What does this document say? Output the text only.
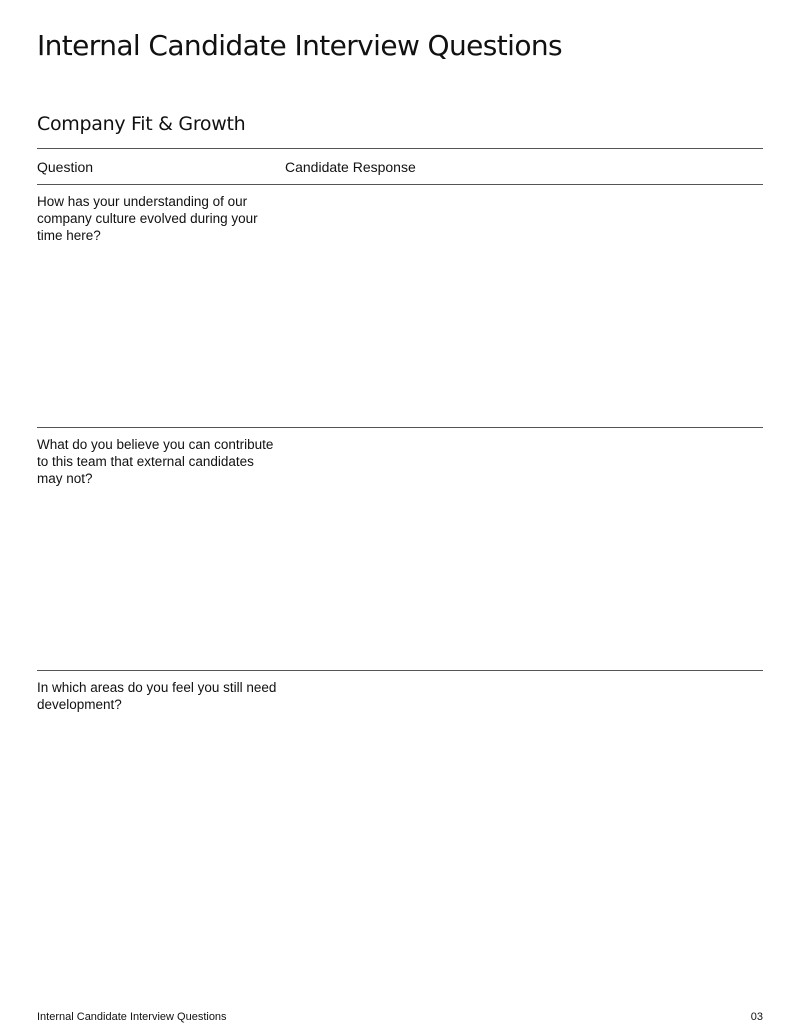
Internal Candidate Interview Questions
Company Fit & Growth
Question	Candidate Response
How has your understanding of our company culture evolved during your time here?
What do you believe you can contribute to this team that external candidates may not?
In which areas do you feel you still need development?
Internal Candidate Interview Questions	03
